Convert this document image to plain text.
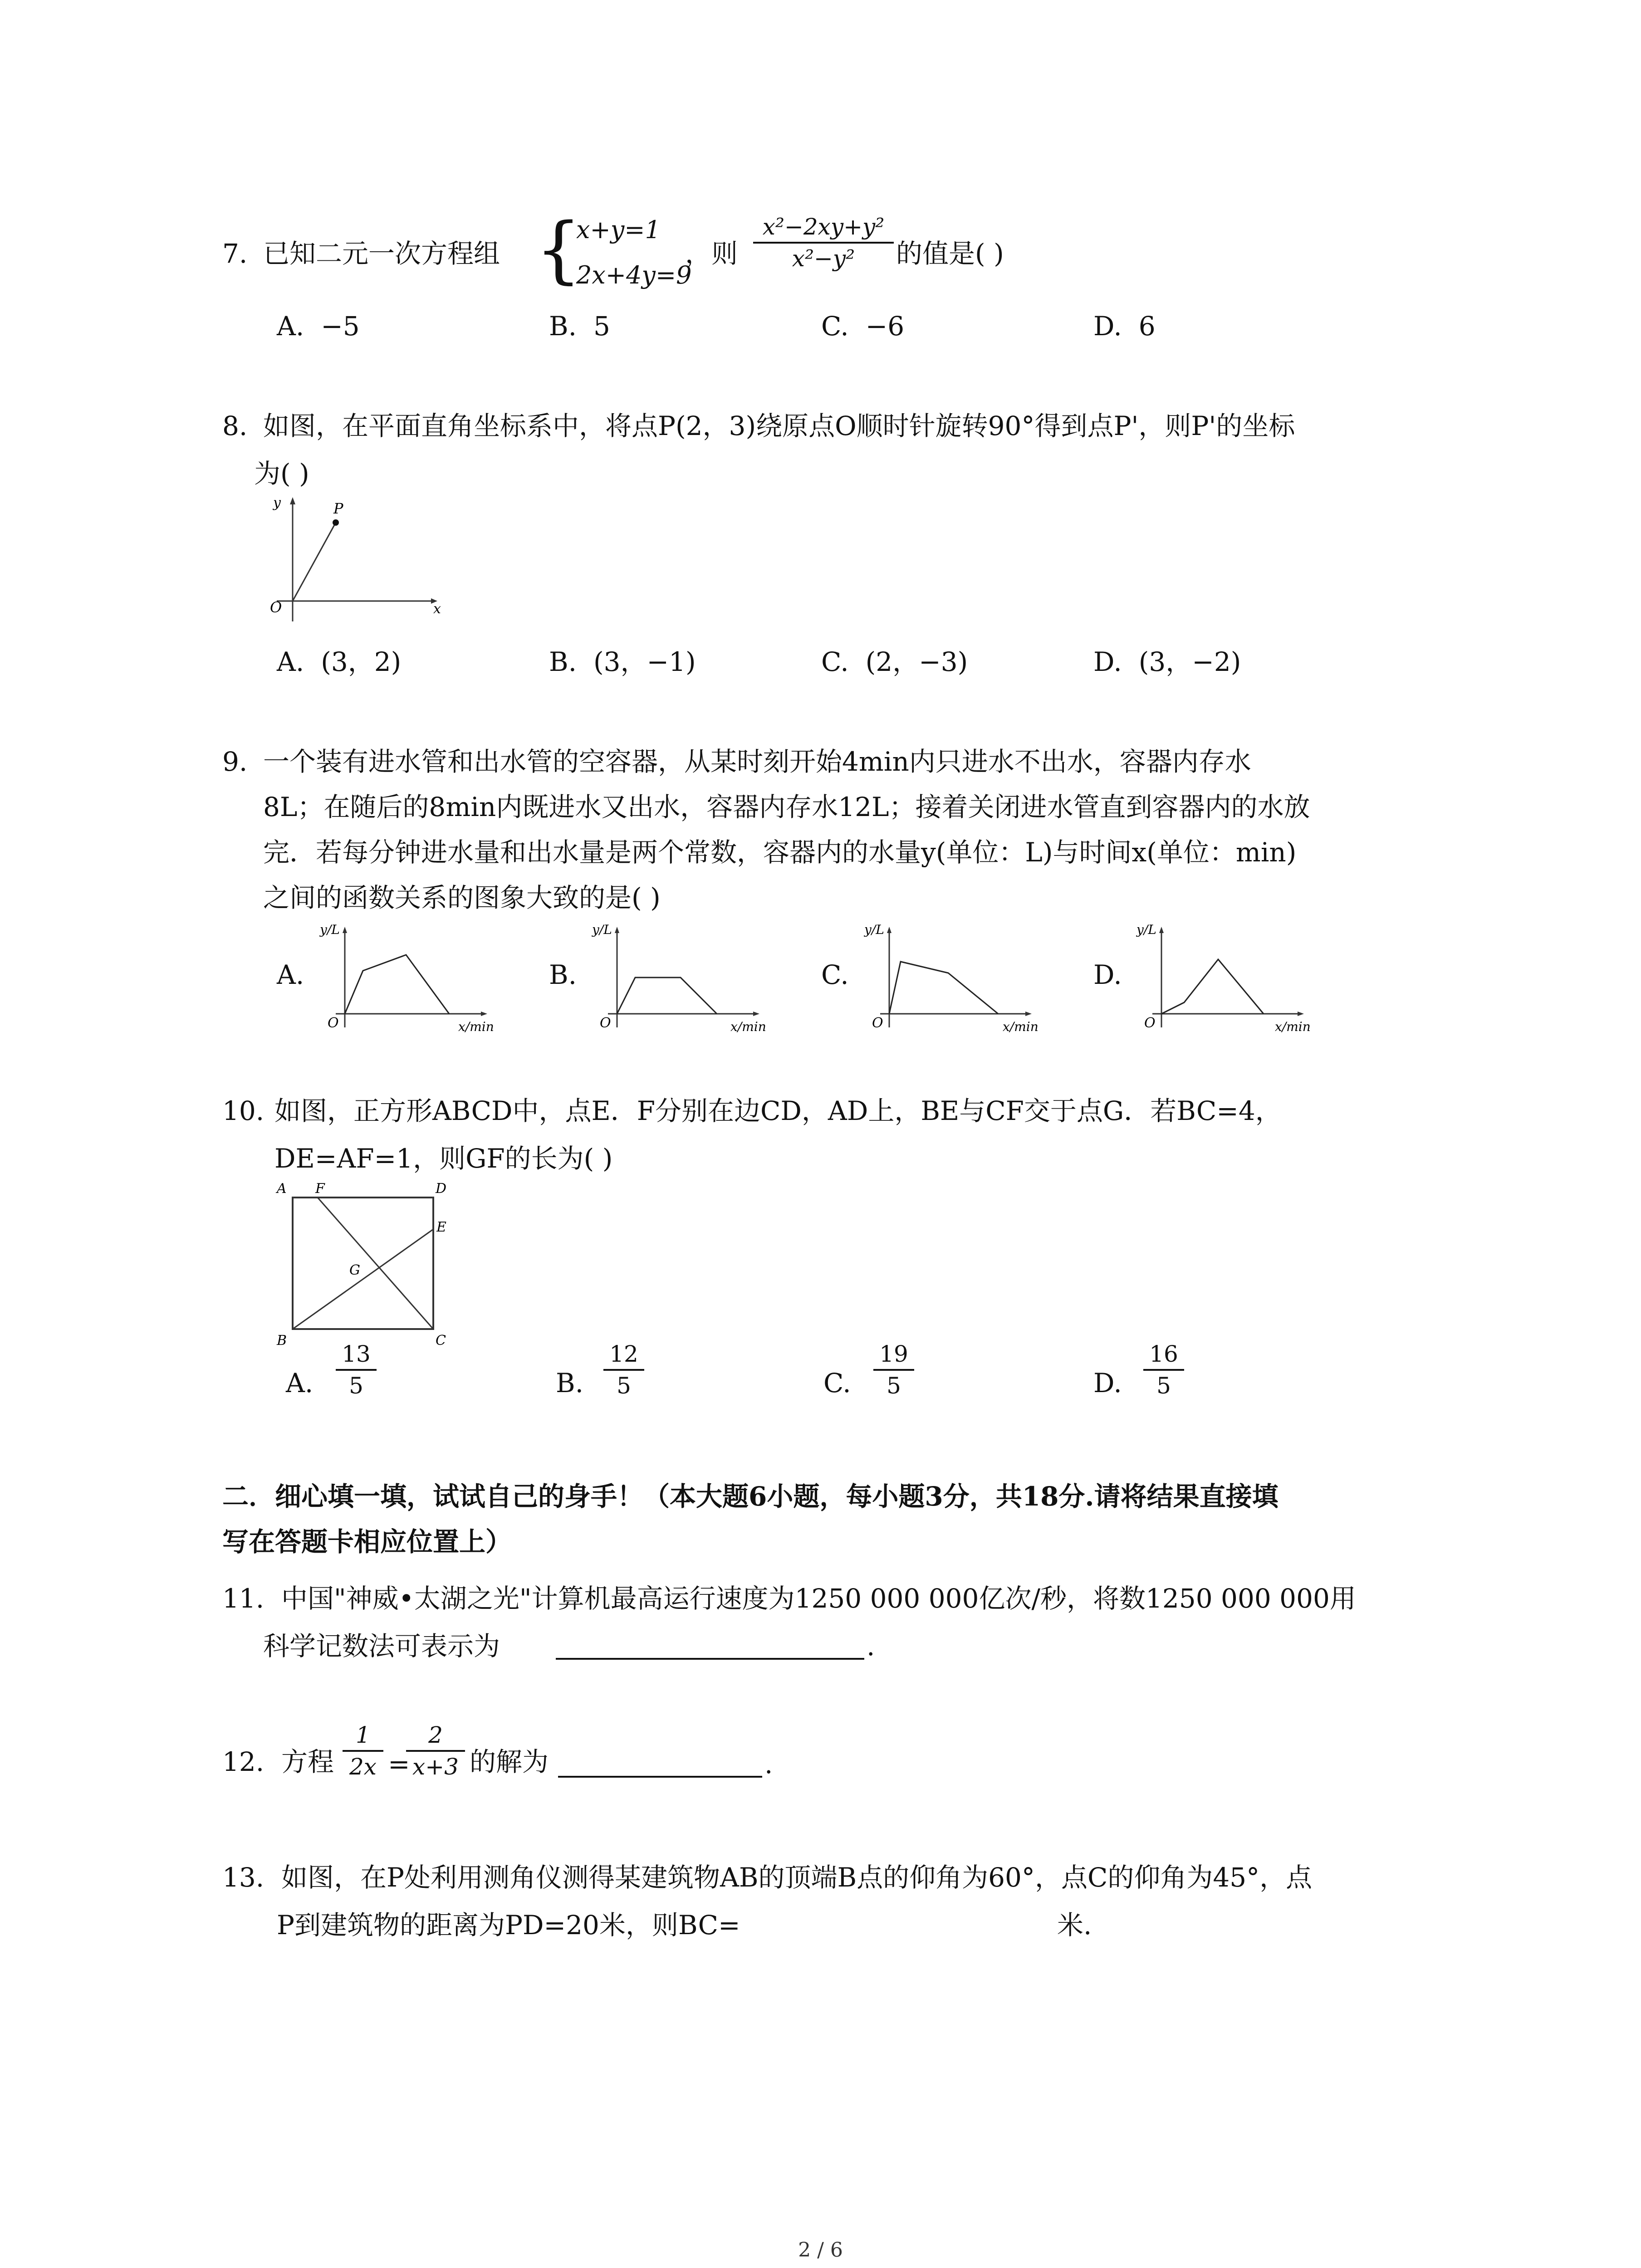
7. 已知二元一次方程组 {
x+y=1
2x+4y=9
，则
x²−2xy+y²
x²−y²	的值是( )
A. −5	B. 5	C. −6	D. 6
8. 如图，在平面直角坐标系中，将点P(2，3)绕原点O顺时针旋转90°得到点P'，则P'的坐标
为( )
y
x
O
P
A. (3，2)	B. (3，−1)	C. (2，−3)	D. (3，−2)
9. 一个装有进水管和出水管的空容器，从某时刻开始4min内只进水不出水，容器内存水
8L；在随后的8min内既进水又出水，容器内存水12L；接着关闭进水管直到容器内的水放
完．若每分钟进水量和出水量是两个常数，容器内的水量y(单位：L)与时间x(单位：min)
之间的函数关系的图象大致的是( )
A.
y/L
x/min
O
B.
y/L
x/min
O
C.
y/L
x/min
O
D.
y/L
x/min
O
10. 如图，正方形ABCD中，点E．F分别在边CD，AD上，BE与CF交于点G．若BC=4，
DE=AF=1，则GF的长为( )
A F	D
E
G
B	C
A.
13
5	B.
12
5	C.
19
5	D.
16
5
二．细心填一填，试试自己的身手！（本大题6小题，每小题3分，共18分.请将结果直接填
写在答题卡相应位置上）
11. 中国"神威•太湖之光"计算机最高运行速度为1250 000 000亿次/秒，将数1250 000 000用
科学记数法可表示为	.
12. 方程
1
2x =
2
x+3 的解为	.
13. 如图，在P处利用测角仪测得某建筑物AB的顶端B点的仰角为60°，点C的仰角为45°，点
P到建筑物的距离为PD=20米，则BC=	米.
2 / 6
